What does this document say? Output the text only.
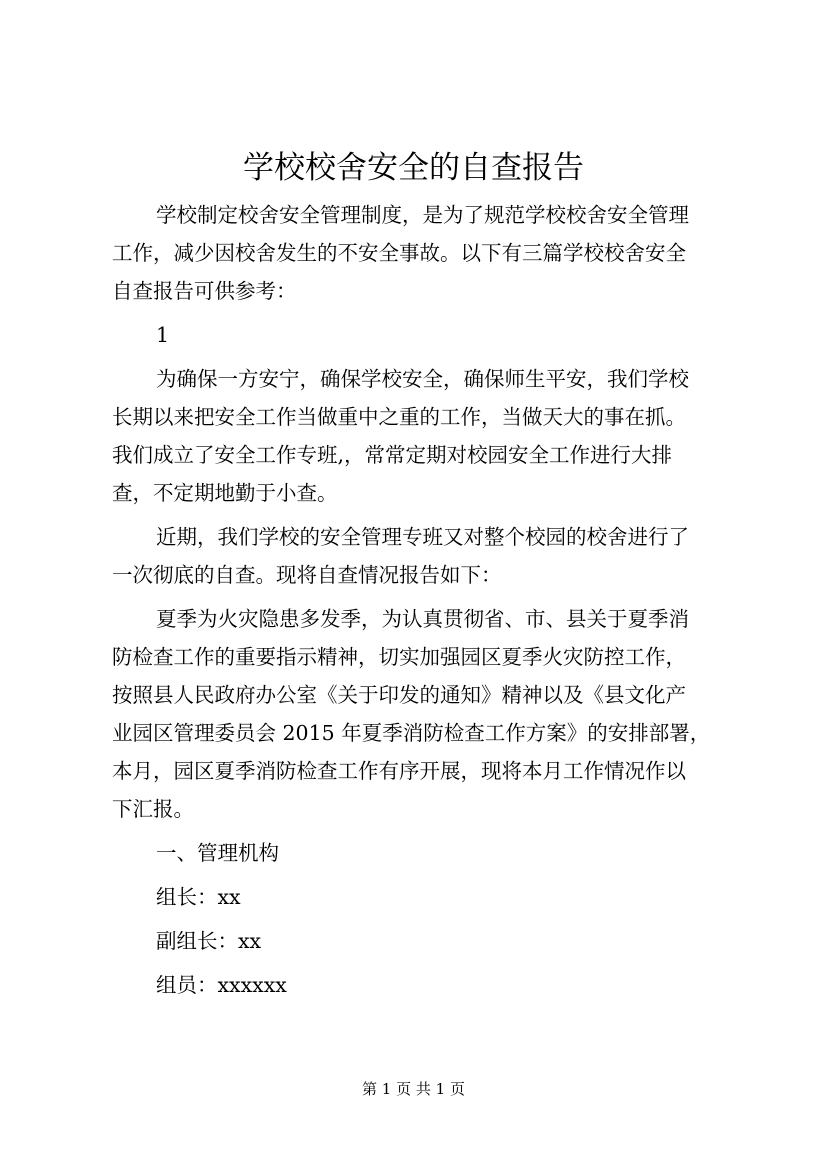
学校校舍安全的自查报告

学校制定校舍安全管理制度，是为了规范学校校舍安全管理
工作，减少因校舍发生的不安全事故。以下有三篇学校校舍安全
自查报告可供参考：

1

为确保一方安宁，确保学校安全，确保师生平安，我们学校
长期以来把安全工作当做重中之重的工作，当做天大的事在抓。
我们成立了安全工作专班,，常常定期对校园安全工作进行大排
查，不定期地勤于小查。

近期，我们学校的安全管理专班又对整个校园的校舍进行了
一次彻底的自查。现将自查情况报告如下：

夏季为火灾隐患多发季，为认真贯彻省、市、县关于夏季消
防检查工作的重要指示精神，切实加强园区夏季火灾防控工作，
按照县人民政府办公室《关于印发的通知》精神以及《县文化产
业园区管理委员会 2015 年夏季消防检查工作方案》的安排部署，
本月，园区夏季消防检查工作有序开展，现将本月工作情况作以
下汇报。

一、管理机构

组长：xx

副组长：xx

组员：xxxxxx

第 1 页 共 1 页
